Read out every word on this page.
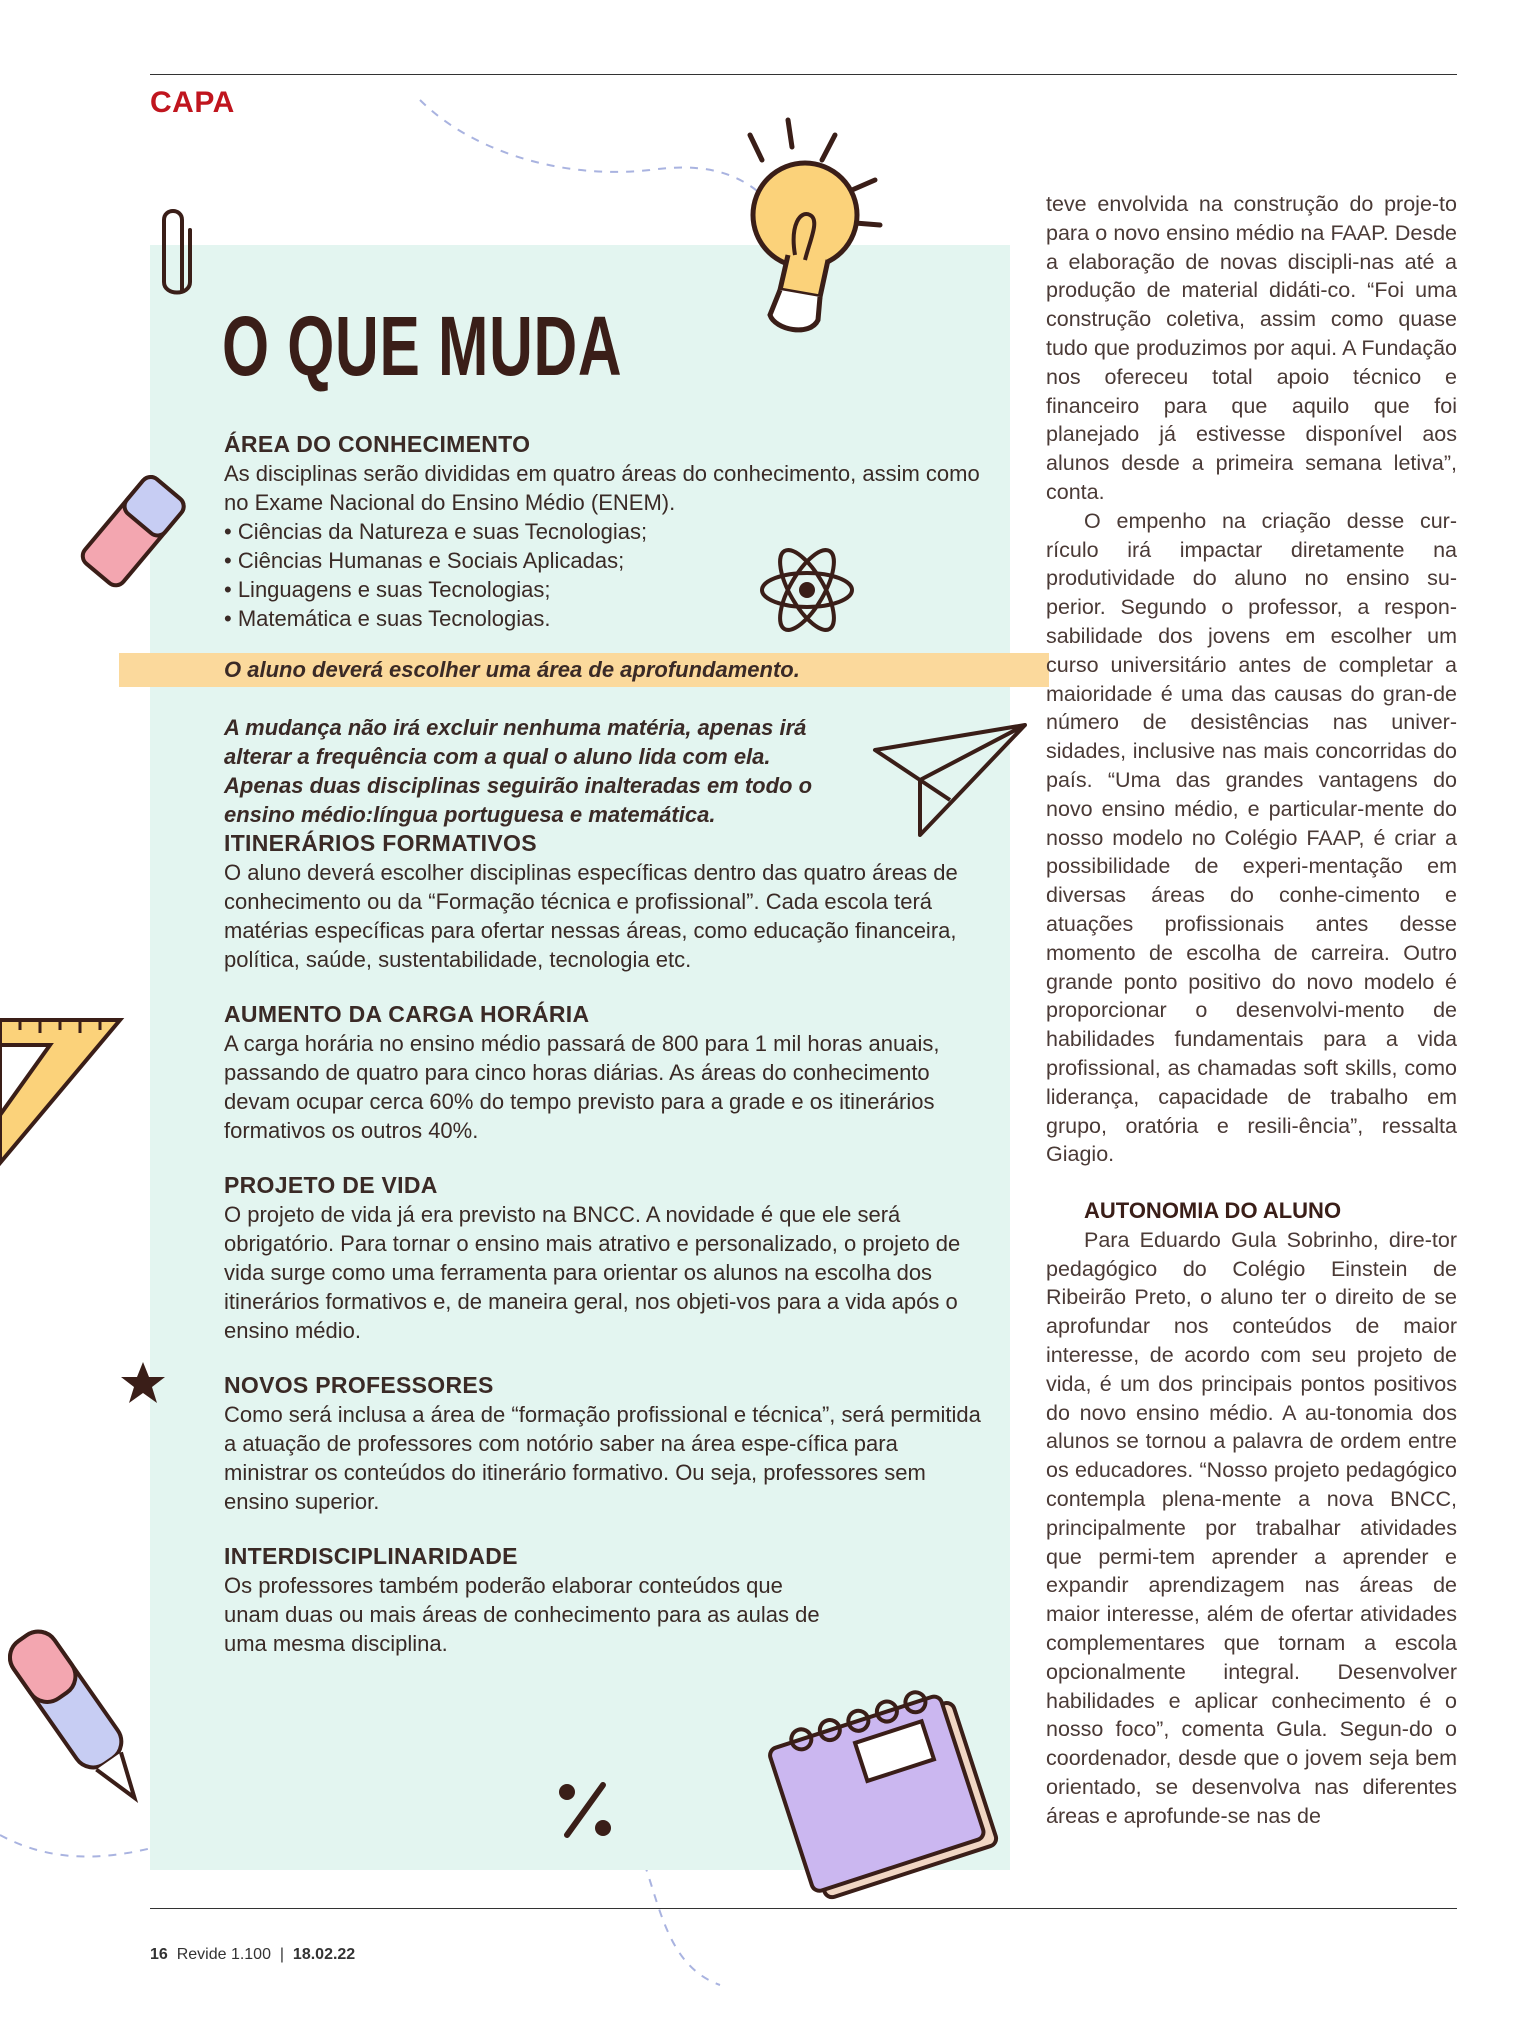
CAPA
O QUE MUDA
ÁREA DO CONHECIMENTO

As disciplinas serão divididas em quatro áreas do conhecimento, assim como no Exame Nacional do Ensino Médio (ENEM).

• Ciências da Natureza e suas Tecnologias;

• Ciências Humanas e Sociais Aplicadas;

• Linguagens e suas Tecnologias;

• Matemática e suas Tecnologias.

O aluno deverá escolher uma área de aprofundamento.

A mudança não irá excluir nenhuma matéria, apenas irá alterar a frequência com a qual o aluno lida com ela.

Apenas duas disciplinas seguirão inalteradas em todo o ensino médio:língua portuguesa e matemática.

ITINERÁRIOS FORMATIVOS

O aluno deverá escolher disciplinas específicas dentro das quatro áreas de conhecimento ou da “Formação técnica e profissional”. Cada escola terá matérias específicas para ofertar nessas áreas, como educação financeira, política, saúde, sustentabilidade, tecnologia etc.

AUMENTO DA CARGA HORÁRIA

A carga horária no ensino médio passará de 800 para 1 mil horas anuais, passando de quatro para cinco horas diárias. As áreas do conhecimento devam ocupar cerca 60% do tempo previsto para a grade e os itinerários formativos os outros 40%.

PROJETO DE VIDA

O projeto de vida já era previsto na BNCC. A novidade é que ele será obrigatório. Para tornar o ensino mais atrativo e personalizado, o projeto de vida surge como uma ferramenta para orientar os alunos na escolha dos itinerários formativos e, de maneira geral, nos objeti-vos para a vida após o ensino médio.

NOVOS PROFESSORES

Como será inclusa a área de “formação profissional e técnica”, será permitida a atuação de professores com notório saber na área espe-cífica para ministrar os conteúdos do itinerário formativo. Ou seja, professores sem ensino superior.

INTERDISCIPLINARIDADE

Os professores também poderão elaborar conteúdos que unam duas ou mais áreas de conhecimento para as aulas de uma mesma disciplina.

teve envolvida na construção do proje-to para o novo ensino médio na FAAP. Desde a elaboração de novas discipli-nas até a produção de material didáti-co. “Foi uma construção coletiva, assim como quase tudo que produzimos por aqui. A Fundação nos ofereceu total apoio técnico e financeiro para que aquilo que foi planejado já estivesse disponível aos alunos desde a primeira semana letiva”, conta.

O empenho na criação desse cur-rículo irá impactar diretamente na produtividade do aluno no ensino su-perior. Segundo o professor, a respon-sabilidade dos jovens em escolher um curso universitário antes de completar a maioridade é uma das causas do gran-de número de desistências nas univer-sidades, inclusive nas mais concorridas do país. “Uma das grandes vantagens do novo ensino médio, e particular-mente do nosso modelo no Colégio FAAP, é criar a possibilidade de experi-mentação em diversas áreas do conhe-cimento e atuações profissionais antes desse momento de escolha de carreira. Outro grande ponto positivo do novo modelo é proporcionar o desenvolvi-mento de habilidades fundamentais para a vida profissional, as chamadas soft skills, como liderança, capacidade de trabalho em grupo, oratória e resili-ência”, ressalta Giagio.

AUTONOMIA DO ALUNO

Para Eduardo Gula Sobrinho, dire-tor pedagógico do Colégio Einstein de Ribeirão Preto, o aluno ter o direito de se aprofundar nos conteúdos de maior interesse, de acordo com seu projeto de vida, é um dos principais pontos positivos do novo ensino médio. A au-tonomia dos alunos se tornou a palavra de ordem entre os educadores. “Nosso projeto pedagógico contempla plena-mente a nova BNCC, principalmente por trabalhar atividades que permi-tem aprender a aprender e expandir aprendizagem nas áreas de maior interesse, além de ofertar atividades complementares que tornam a escola opcionalmente integral. Desenvolver habilidades e aplicar conhecimento é o nosso foco”, comenta Gula. Segun-do o coordenador, desde que o jovem seja bem orientado, se desenvolva nas diferentes áreas e aprofunde-se nas de

16 Revide 1.100 | 18.02.22
